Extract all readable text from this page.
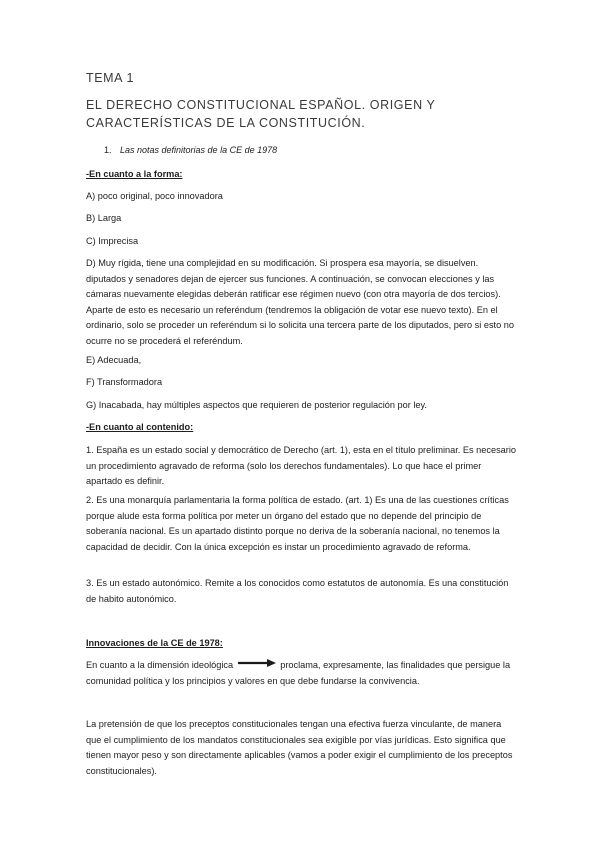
TEMA 1
EL DERECHO CONSTITUCIONAL ESPAÑOL. ORIGEN Y
CARACTERÍSTICAS DE LA CONSTITUCIÓN.
1. Las notas definitorias de la CE de 1978
-En cuanto a la forma:
A) poco original, poco innovadora
B) Larga
C) Imprecisa
D) Muy rígida, tiene una complejidad en su modificación. Si prospera esa mayoría, se disuelven. diputados y senadores dejan de ejercer sus funciones. A continuación, se convocan elecciones y las cámaras nuevamente elegidas deberán ratificar ese régimen nuevo (con otra mayoría de dos tercios). Aparte de esto es necesario un referéndum (tendremos la obligación de votar ese nuevo texto). En el ordinario, solo se proceder un referéndum si lo solicita una tercera parte de los diputados, pero si esto no ocurre no se procederá el referéndum.
E) Adecuada,
F) Transformadora
G) Inacabada, hay múltiples aspectos que requieren de posterior regulación por ley.
-En cuanto al contenido:
1. España es un estado social y democrático de Derecho (art. 1), esta en el título preliminar. Es necesario un procedimiento agravado de reforma (solo los derechos fundamentales). Lo que hace el primer apartado es definir.
2. Es una monarquía parlamentaria la forma política de estado. (art. 1) Es una de las cuestiones críticas porque alude esta forma política por meter un órgano del estado que no depende del principio de soberanía nacional. Es un apartado distinto porque no deriva de la soberanía nacional, no tenemos la capacidad de decidir. Con la única excepción es instar un procedimiento agravado de reforma.
3. Es un estado autonómico. Remite a los conocidos como estatutos de autonomía. Es una constitución de habito autonómico.
Innovaciones de la CE de 1978:
En cuanto a la dimensión ideológica	proclama, expresamente, las finalidades que persigue la comunidad política y los principios y valores en que debe fundarse la convivencia.
La pretensión de que los preceptos constitucionales tengan una efectiva fuerza vinculante, de manera que el cumplimiento de los mandatos constitucionales sea exigible por vías jurídicas. Esto significa que tienen mayor peso y son directamente aplicables (vamos a poder exigir el cumplimiento de los preceptos constitucionales).
